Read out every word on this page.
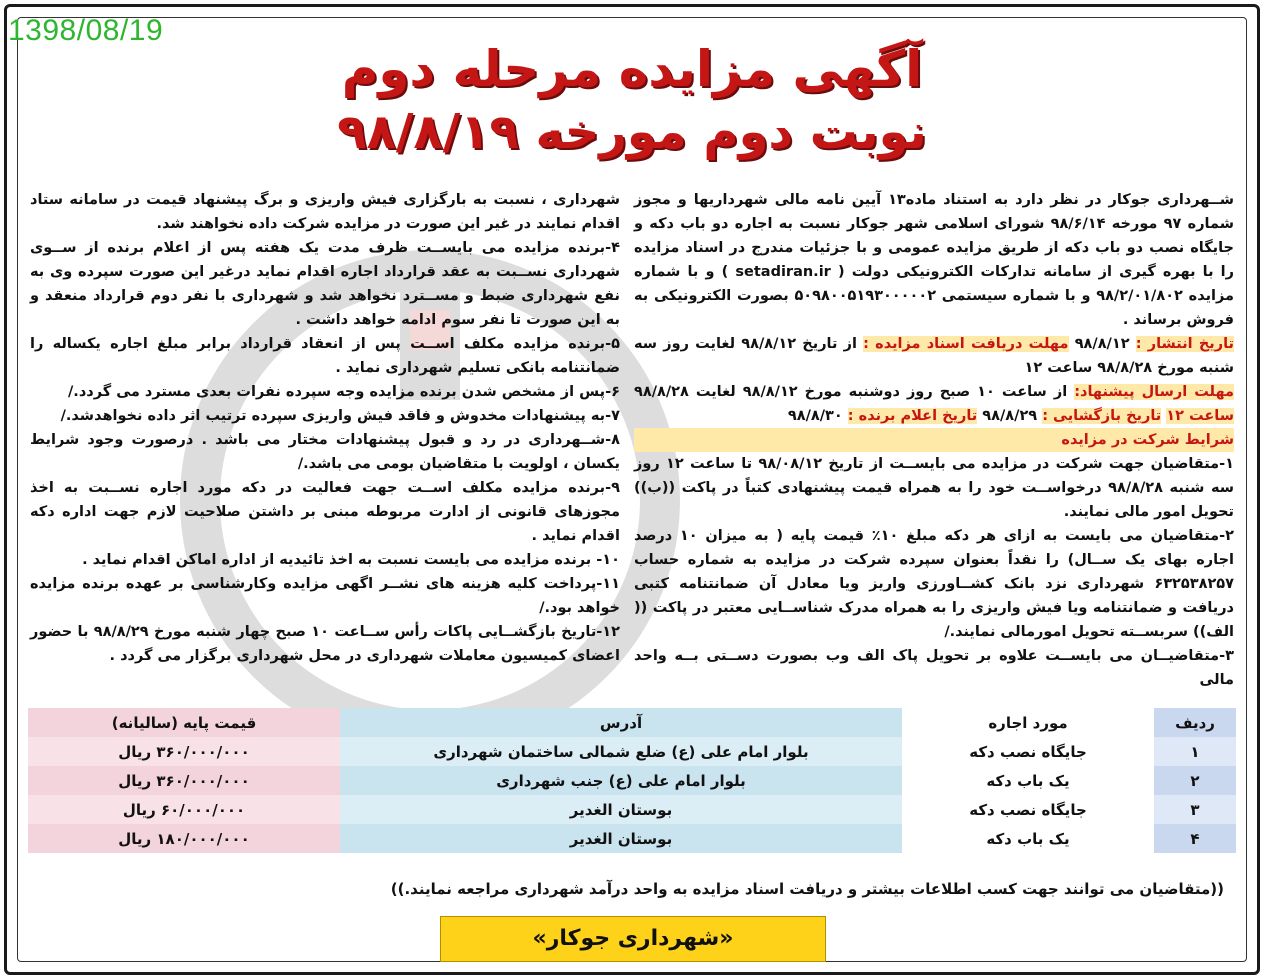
1398/08/19
آگهی مزایده مرحله دوم
نوبت دوم مورخه ۹۸/۸/۱۹

شــهرداری جوکار در نظر دارد به استناد ماده۱۳ آیین نامه مالی شهرداریها و مجوز شماره ۹۷ مورخه ۹۸/۶/۱۴ شورای اسلامی شهر جوکار نسبت به اجاره دو باب دکه و جایگاه نصب دو باب دکه از طریق مزایده عمومی و با جزئیات مندرج در اسناد مزایده را با بهره گیری از سامانه تدارکات الکترونیکی دولت ( setadiran.ir ) و با شماره مزایده ۹۸/۲/۰۱/۸۰۲ و با شماره سیستمی ۵۰۹۸۰۰۵۱۹۳۰۰۰۰۰۲ بصورت الکترونیکی به فروش برساند .

تاریخ انتشار : ۹۸/۸/۱۲ مهلت دریافت اسناد مزایده : از تاریخ ۹۸/۸/۱۲ لغایت روز سه شنبه مورخ ۹۸/۸/۲۸ ساعت ۱۲

مهلت ارسال پیشنهاد: از ساعت ۱۰ صبح روز دوشنبه مورخ ۹۸/۸/۱۲ لغایت ۹۸/۸/۲۸ ساعت ۱۲ تاریخ بازگشایی : ۹۸/۸/۲۹ تاریخ اعلام برنده : ۹۸/۸/۳۰

شرایط شرکت در مزایده

۱-متقاضیان جهت شرکت در مزایده می بایســت از تاریخ ۹۸/۰۸/۱۲ تا ساعت ۱۲ روز سه شنبه ۹۸/۸/۲۸ درخواســت خود را به همراه قیمت پیشنهادی کتباً در پاکت ((ب)) تحویل امور مالی نمایند.

۲-متقاضیان می بایست به ازای هر دکه مبلغ ۱۰٪ قیمت پایه ( به میزان ۱۰ درصد اجاره بهای یک ســال) را نقداً بعنوان سپرده شرکت در مزایده به شماره حساب ۶۳۲۵۳۸۲۵۷ شهرداری نزد بانک کشــاورزی واریز ویا معادل آن ضمانتنامه کتبی دریافت و ضمانتنامه ویا فیش واریزی را به همراه مدرک شناســایی معتبر در پاکت (( الف)) سربســته تحویل امورمالی نمایند./

۳-متقاضیــان می بایســت علاوه بر تحویل پاک الف وب بصورت دســتی بــه واحد مالی

شهرداری ، نسبت به بارگزاری فیش واریزی و برگ پیشنهاد قیمت در سامانه ستاد اقدام نمایند در غیر این صورت در مزایده شرکت داده نخواهند شد.

۴-برنده مزایده می بایســت ظرف مدت یک هفته پس از اعلام برنده از ســوی شهرداری نســبت به عقد قرارداد اجاره اقدام نماید درغیر این صورت سپرده وی به نفع شهرداری ضبط و مســترد نخواهد شد و شهرداری با نفر دوم قرارداد منعقد و به این صورت تا نفر سوم ادامه خواهد داشت .

۵-برنده مزایده مکلف اســت پس از انعقاد قرارداد برابر مبلغ اجاره یکساله را ضمانتنامه بانکی تسلیم شهرداری نماید .

۶-پس از مشخص شدن برنده مزایده وجه سپرده نفرات بعدی مسترد می گردد./

۷-به پیشنهادات مخدوش و فاقد فیش واریزی سپرده ترتیب اثر داده نخواهدشد./

۸-شــهرداری در رد و قبول پیشنهادات مختار می باشد . درصورت وجود شرایط یکسان ، اولویت با متقاضیان بومی می باشد./

۹-برنده مزایده مکلف اســت جهت فعالیت در دکه مورد اجاره نســبت به اخذ مجوزهای قانونی از ادارت مربوطه مبنی بر داشتن صلاحیت لازم جهت اداره دکه اقدام نماید .

۱۰- برنده مزایده می بایست نسبت به اخذ تائیدیه از اداره اماکن اقدام نماید .

۱۱-پرداخت کلیه هزینه های نشــر اگهی مزایده وکارشناسی بر عهده برنده مزایده خواهد بود./

۱۲-تاریخ بازگشــایی پاکات رأس ســاعت ۱۰ صبح چهار شنبه مورخ ۹۸/۸/۲۹ با حضور اعضای کمیسیون معاملات شهرداری در محل شهرداری برگزار می گردد .

ردیف	مورد اجاره	آدرس	قیمت پایه (سالیانه)
۱	جایگاه نصب دکه	بلوار امام علی (ع) ضلع شمالی ساختمان شهرداری	۳۶۰/۰۰۰/۰۰۰ ریال
۲	یک باب دکه	بلوار امام علی (ع) جنب شهرداری	۳۶۰/۰۰۰/۰۰۰ ریال
۳	جایگاه نصب دکه	بوستان الغدیر	۶۰/۰۰۰/۰۰۰ ریال
۴	یک باب دکه	بوستان الغدیر	۱۸۰/۰۰۰/۰۰۰ ریال
((متقاضیان می توانند جهت کسب اطلاعات بیشتر و دریافت اسناد مزایده به واحد درآمد شهرداری مراجعه نمایند.))
«شهرداری جوکار»
